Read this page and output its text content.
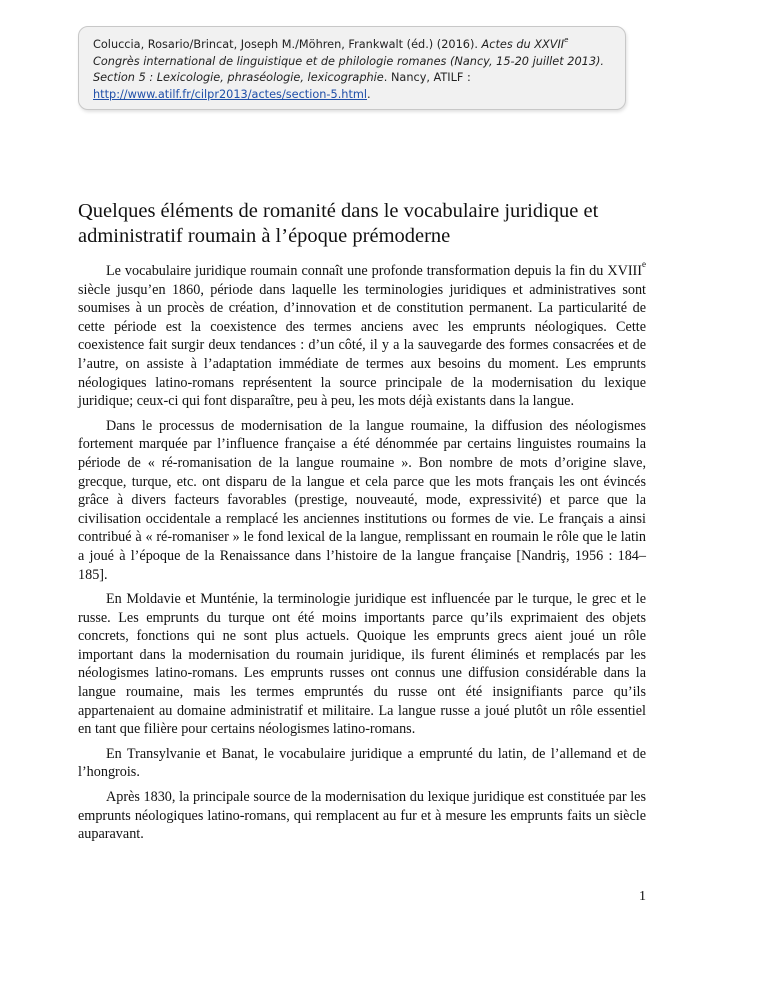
Coluccia, Rosario/Brincat, Joseph M./Möhren, Frankwalt (éd.) (2016). Actes du XXVIIe Congrès international de linguistique et de philologie romanes (Nancy, 15-20 juillet 2013). Section 5 : Lexicologie, phraséologie, lexicographie. Nancy, ATILF :
http://www.atilf.fr/cilpr2013/actes/section-5.html.
Quelques éléments de romanité dans le vocabulaire juridique et administratif roumain à l’époque prémoderne

Le vocabulaire juridique roumain connaît une profonde transformation depuis la fin du XVIIIe siècle jusqu’en 1860, période dans laquelle les terminologies juridiques et administratives sont soumises à un procès de création, d’innovation et de constitution permanent. La particularité de cette période est la coexistence des termes anciens avec les emprunts néologiques. Cette coexistence fait surgir deux tendances : d’un côté, il y a la sauvegarde des formes consacrées et de l’autre, on assiste à l’adaptation immédiate de termes aux besoins du moment. Les emprunts néologiques latino-romans représentent la source principale de la modernisation du lexique juridique; ceux-ci qui font disparaître, peu à peu, les mots déjà existants dans la langue.

Dans le processus de modernisation de la langue roumaine, la diffusion des néologismes fortement marquée par l’influence française a été dénommée par certains linguistes roumains la période de « ré-romanisation de la langue roumaine ». Bon nombre de mots d’origine slave, grecque, turque, etc. ont disparu de la langue et cela parce que les mots français les ont évincés grâce à divers facteurs favorables (prestige, nouveauté, mode, expressivité) et parce que la civilisation occidentale a remplacé les anciennes institutions ou formes de vie. Le français a ainsi contribué à « ré-romaniser » le fond lexical de la langue, remplissant en roumain le rôle que le latin a joué à l’époque de la Renaissance dans l’histoire de la langue française [Nandriş, 1956 : 184–185].

En Moldavie et Munténie, la terminologie juridique est influencée par le turque, le grec et le russe. Les emprunts du turque ont été moins importants parce qu’ils exprimaient des objets concrets, fonctions qui ne sont plus actuels. Quoique les emprunts grecs aient joué un rôle important dans la modernisation du roumain juridique, ils furent éliminés et remplacés par les néologismes latino-romans. Les emprunts russes ont connus une diffusion considérable dans la langue roumaine, mais les termes empruntés du russe ont été insignifiants parce qu’ils appartenaient au domaine administratif et militaire. La langue russe a joué plutôt un rôle essentiel en tant que filière pour certains néologismes latino-romans.

En Transylvanie et Banat, le vocabulaire juridique a emprunté du latin, de l’allemand et de l’hongrois.

Après 1830, la principale source de la modernisation du lexique juridique est constituée par les emprunts néologiques latino-romans, qui remplacent au fur et à mesure les emprunts faits un siècle auparavant.

1
